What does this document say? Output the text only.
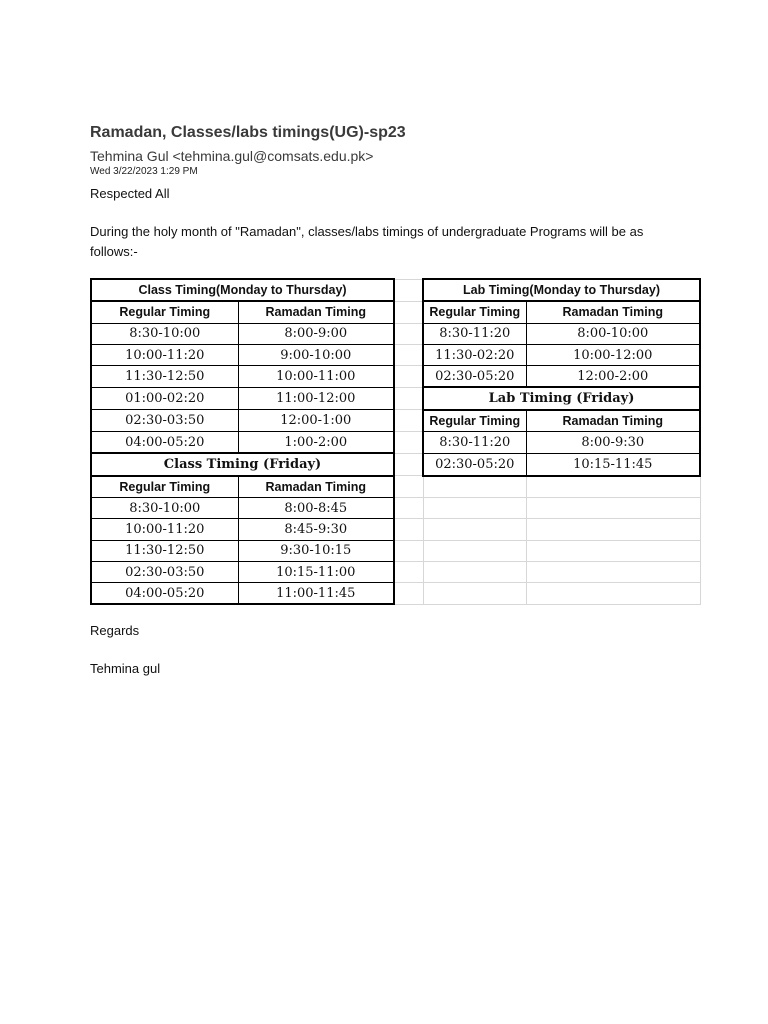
Ramadan, Classes/labs timings(UG)-sp23
Tehmina Gul <tehmina.gul@comsats.edu.pk>
Wed 3/22/2023 1:29 PM
Respected All
During the holy month of "Ramadan", classes/labs timings of undergraduate Programs will be as follows:-
Class Timing(Monday to Thursday)			Lab Timing(Monday to Thursday)	
Regular Timing	Ramadan Timing		Regular Timing	Ramadan Timing
8:30-10:00	8:00-9:00		8:30-11:20	8:00-10:00
10:00-11:20	9:00-10:00		11:30-02:20	10:00-12:00
11:30-12:50	10:00-11:00		02:30-05:20	12:00-2:00
01:00-02:20	11:00-12:00		Lab Timing (Friday)	
02:30-03:50	12:00-1:00		Regular Timing	Ramadan Timing
04:00-05:20	1:00-2:00		8:30-11:20	8:00-9:30
Class Timing (Friday)			02:30-05:20	10:15-11:45
Regular Timing	Ramadan Timing			
8:30-10:00	8:00-8:45			
10:00-11:20	8:45-9:30			
11:30-12:50	9:30-10:15			
02:30-03:50	10:15-11:00			
04:00-05:20	11:00-11:45			
Regards
Tehmina gul
